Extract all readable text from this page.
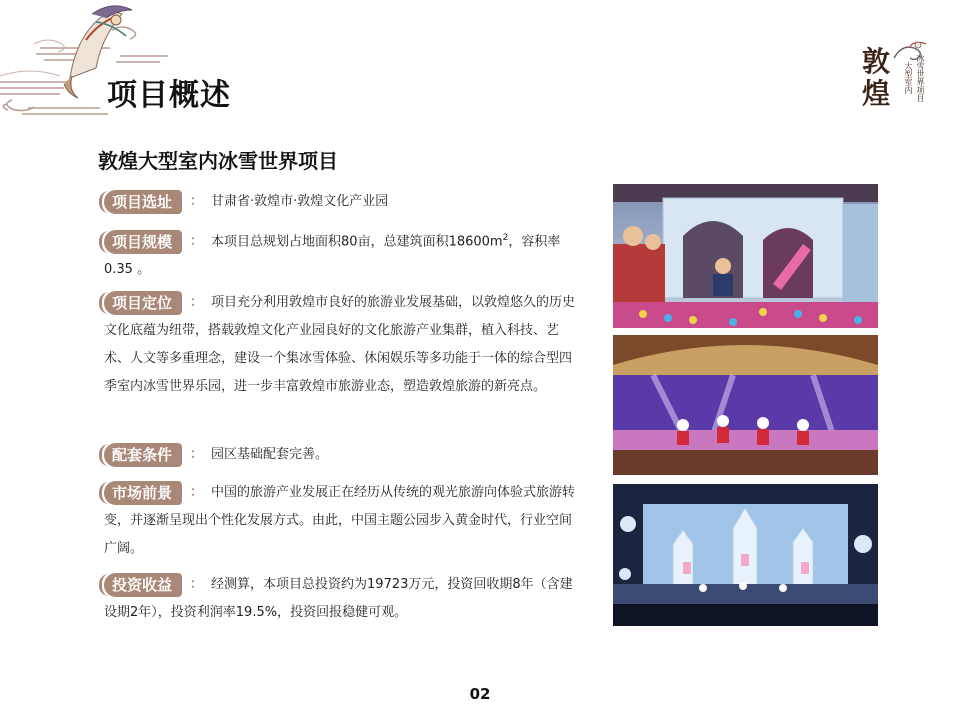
项目概述
敦煌	大型室内 冰雪世界项目
敦煌大型室内冰雪世界项目
项目选址 ： 甘肃省·敦煌市·敦煌文化产业园
项目规模 ： 本项目总规划占地面积80亩，总建筑面积$18600m^2$，容积率0.35 。
项目定位 ： 项目充分利用敦煌市良好的旅游业发展基础，以敦煌悠久的历史文化底蕴为纽带，搭载敦煌文化产业园良好的文化旅游产业集群，植入科技、艺术、人文等多重理念，建设一个集冰雪体验、休闲娱乐等多功能于一体的综合型四季室内冰雪世界乐园，进一步丰富敦煌市旅游业态，塑造敦煌旅游的新亮点。
配套条件 ： 园区基础配套完善。
市场前景 ： 中国的旅游产业发展正在经历从传统的观光旅游向体验式旅游转变，并逐渐呈现出个性化发展方式。由此，中国主题公园步入黄金时代，行业空间广阔。
投资收益 ： 经测算，本项目总投资约为19723万元，投资回收期8年（含建设期2年），投资利润率19.5%，投资回报稳健可观。
02
